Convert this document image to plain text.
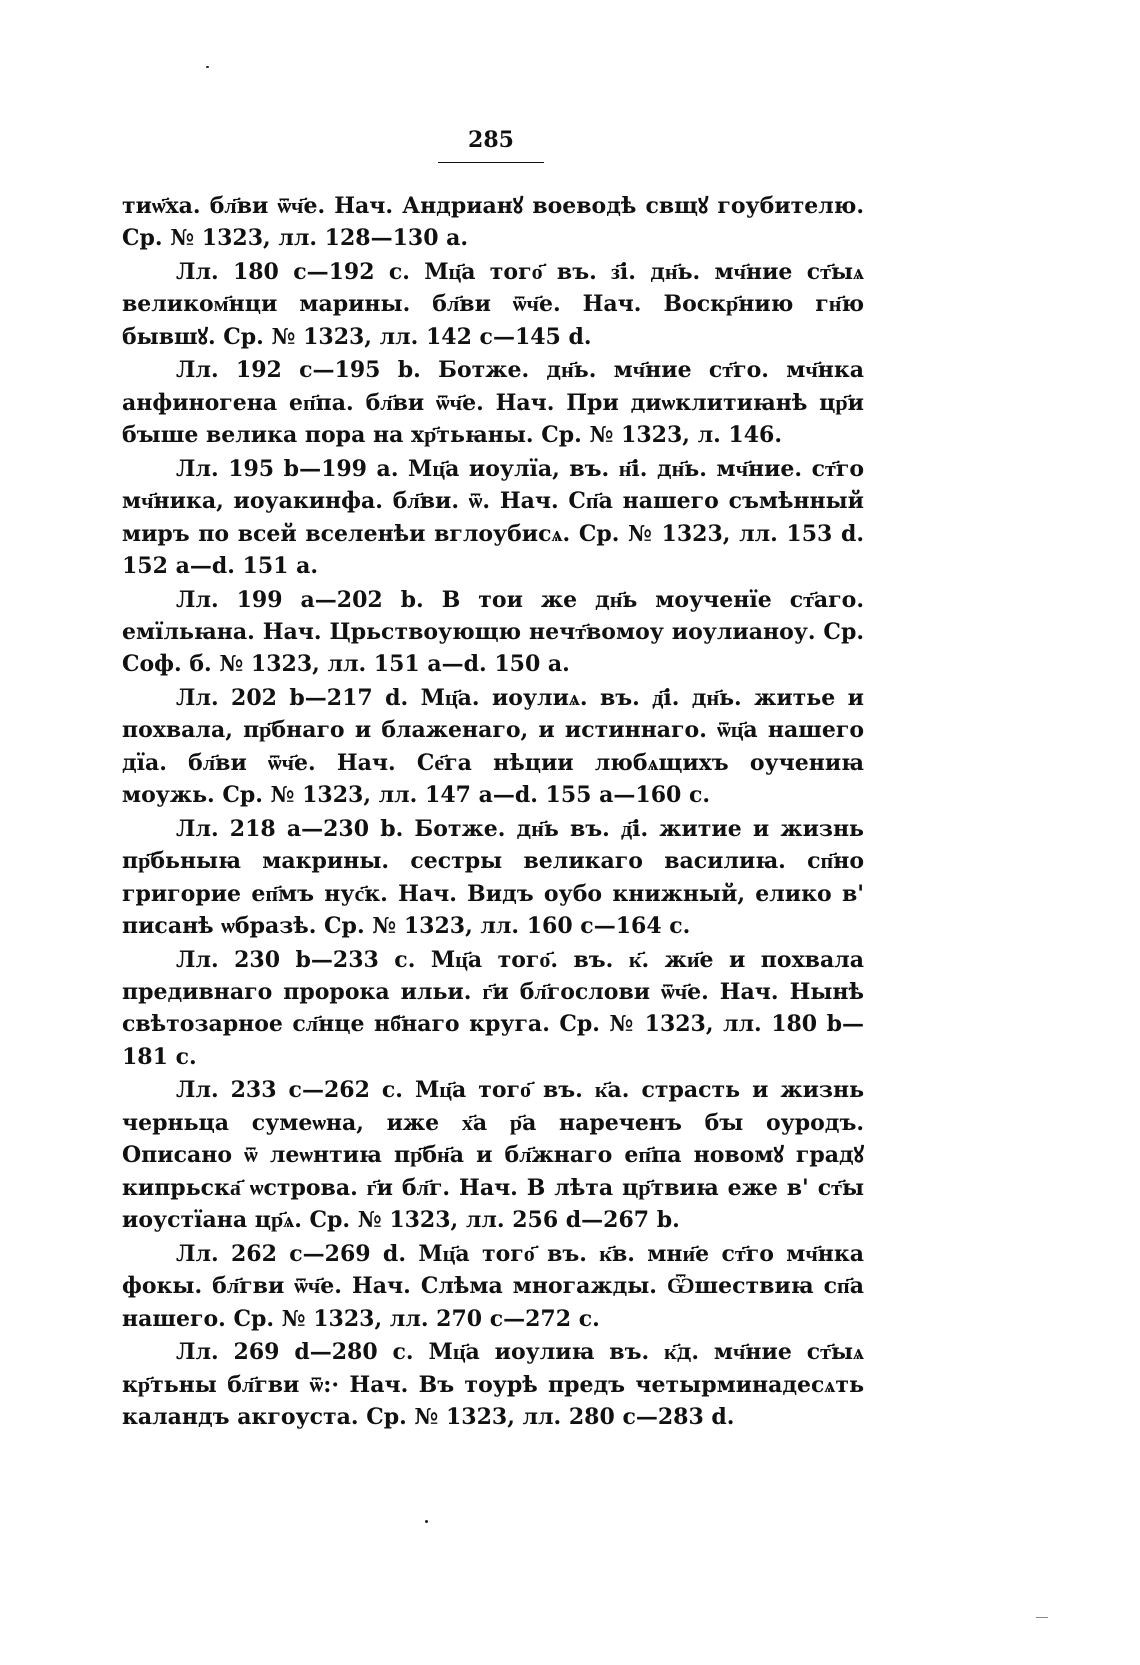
285

тиѡ҃ха. бл҃ви ѿч҃е. Нач. Андрианꙋ воеводѣ свщꙋ гоубителю. Ср. № 1323, лл. 128—130 а.

Лл. 180 с—192 с. Мц҃а того҃ въ. з҃і. дн҃ь. мч҃ние ст҃ыѧ великом҃нци марины. бл҃ви ѿч҃е. Нач. Воскр҃нию гн҃ю бывшꙋ. Ср. № 1323, лл. 142 с—145 d.

Лл. 192 с—195 b. Ботже. дн҃ь. мч҃ние ст҃го. мч҃нка анфиногена еп҃па. бл҃ви ѿч҃е. Нач. При диѡклитиꙗнѣ цр҃и бꙑше велика пора на хр҃тьꙗны. Ср. № 1323, л. 146.

Лл. 195 b—199 а. Мц҃а иоулїа, въ. н҃і. дн҃ь. мч҃ние. ст҃го мч҃ника, иоуакинфа. бл҃ви. ѿ. Нач. Сп҃а нашего съмѣнный миръ по всей вселенѣи вглоубисѧ. Ср. № 1323, лл. 153 d. 152 а—d. 151 а.

Лл. 199 а—202 b. В тои же дн҃ь моученїе ст҃аго. емїльꙗна. Нач. Црьствоующю нечт҃вомоу иоулианоу. Ср. Соф. б. № 1323, лл. 151 а—d. 150 а.

Лл. 202 b—217 d. Мц҃а. иоулиѧ. въ. д҃і. дн҃ь. житье и похвала, пр҃бнаго и блаженаго, и истиннаго. ѿц҃а нашего дїа. бл҃ви ѿч҃е. Нач. Се҃га нѣции любѧщихъ оучениꙗ моужь. Ср. № 1323, лл. 147 а—d. 155 а—160 с.

Лл. 218 а—230 b. Ботже. дн҃ь въ. д҃і. житие и жизнь пр҃бьныꙗ макрины. сестры великаго василиꙗ. сп҃но григорие еп҃мъ нус҃к. Нач. Видъ оубо книжный, елико в' писанѣ ѡбразѣ. Ср. № 1323, лл. 160 с—164 с.

Лл. 230 b—233 с. Мц҃а того҃. въ. к҃. жи҃е и похвала предивнаго пророка ильи. г҃и бл҃гослови ѿч҃е. Нач. Нынѣ свѣтозарное сл҃нце нб҃наго круга. Ср. № 1323, лл. 180 b—181 с.

Лл. 233 с—262 с. Мц҃а того҃ въ. к҃а. страсть и жизнь черньца сумеѡна, иже х҃а р҃а нареченъ бꙑ оуродъ. Описано ѿ леѡнтиꙗ пр҃бн҃а и бл҃жнаго еп҃па новомꙋ градꙋ кипрьска҃ ѡстрова. г҃и бл҃г. Нач. В лѣта цр҃твиꙗ еже в' ст҃ы иоустїана цр҃ѧ. Ср. № 1323, лл. 256 d—267 b.

Лл. 262 с—269 d. Мц҃а того҃ въ. к҃в. мни҃е ст҃го мч҃нка фокы. бл҃гви ѿч҃е. Нач. Слѣма многажды. Ѿшествиꙗ сп҃а нашего. Ср. № 1323, лл. 270 с—272 с.

Лл. 269 d—280 с. Мц҃а иоулиꙗ въ. к҃д. мч҃ние ст҃ыѧ кр҃тьны бл҃гви ѿ:· Нач. Въ тоурѣ предъ четырминадесѧть каландъ акгоуста. Ср. № 1323, лл. 280 с—283 d.
